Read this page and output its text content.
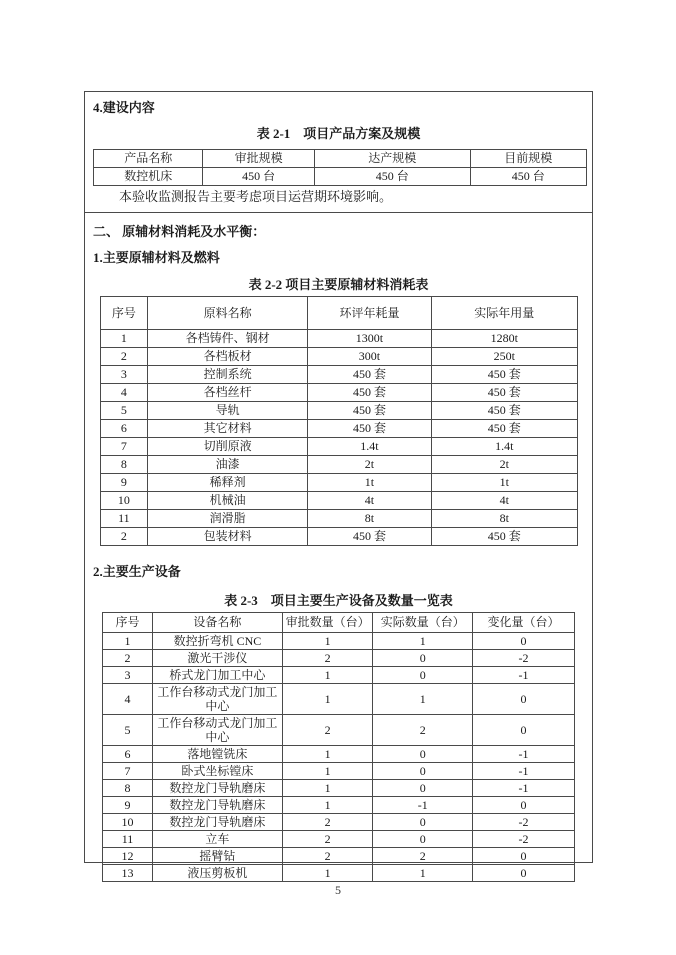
4.建设内容
表 2-1　项目产品方案及规模
产品名称	审批规模	达产规模	目前规模
数控机床	450 台	450 台	450 台
本验收监测报告主要考虑项目运营期环境影响。
二、 原辅材料消耗及水平衡：
1.主要原辅材料及燃料
表 2-2 项目主要原辅材料消耗表
序号	原料名称	环评年耗量	实际年用量
1	各档铸件、钢材	1300t	1280t
2	各档板材	300t	250t
3	控制系统	450 套	450 套
4	各档丝杆	450 套	450 套
5	导轨	450 套	450 套
6	其它材料	450 套	450 套
7	切削原液	1.4t	1.4t
8	油漆	2t	2t
9	稀释剂	1t	1t
10	机械油	4t	4t
11	润滑脂	8t	8t
2	包装材料	450 套	450 套
2.主要生产设备
表 2-3　项目主要生产设备及数量一览表
序号	设备名称	审批数量（台）	实际数量（台）	变化量（台）
1	数控折弯机 CNC	1	1	0
2	激光干涉仪	2	0	-2
3	桥式龙门加工中心	1	0	-1
4	工作台移动式龙门加工中心	1	1	0
5	工作台移动式龙门加工中心	2	2	0
6	落地镗铣床	1	0	-1
7	卧式坐标镗床	1	0	-1
8	数控龙门导轨磨床	1	0	-1
9	数控龙门导轨磨床	1	-1	0
10	数控龙门导轨磨床	2	0	-2
11	立车	2	0	-2
12	摇臂钻	2	2	0
13	液压剪板机	1	1	0
5
